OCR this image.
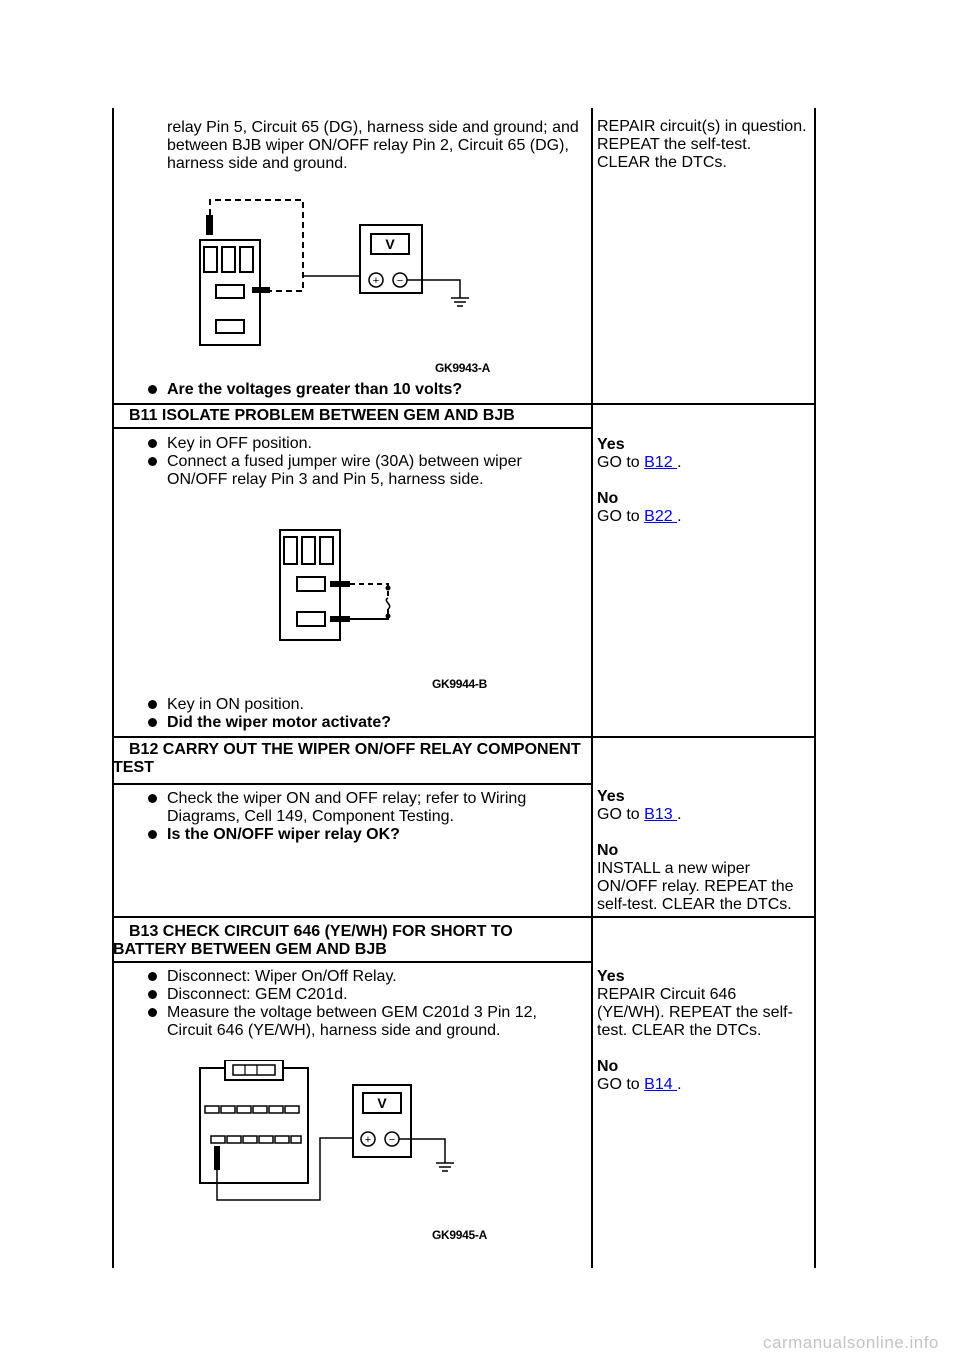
relay Pin 5, Circuit 65 (DG), harness side and ground; and
between BJB wiper ON/OFF relay Pin 2, Circuit 65 (DG),
harness side and ground.
V
+ −
GK9943-A
Are the voltages greater than 10 volts?
REPAIR circuit(s) in question.
REPEAT the self-test.
CLEAR the DTCs.
B11 ISOLATE PROBLEM BETWEEN GEM AND BJB
Key in OFF position.
Connect a fused jumper wire (30A) between wiper ON/OFF relay Pin 3 and Pin 5, harness side.
GK9944-B
Key in ON position.
Did the wiper motor activate?
Yes
GO to B12 .
No
GO to B22 .
B12 CARRY OUT THE WIPER ON/OFF RELAY COMPONENT
TEST
Check the wiper ON and OFF relay; refer to Wiring Diagrams, Cell 149, Component Testing.
Is the ON/OFF wiper relay OK?
Yes
GO to B13 .
No
INSTALL a new wiper
ON/OFF relay. REPEAT the
self-test. CLEAR the DTCs.
B13 CHECK CIRCUIT 646 (YE/WH) FOR SHORT TO
BATTERY BETWEEN GEM AND BJB
Disconnect: Wiper On/Off Relay.
Disconnect: GEM C201d.
Measure the voltage between GEM C201d 3 Pin 12, Circuit 646 (YE/WH), harness side and ground.
V
+ −
GK9945-A
Yes
REPAIR Circuit 646
(YE/WH). REPEAT the self-
test. CLEAR the DTCs.
No
GO to B14 .
carmanualsonline.info
